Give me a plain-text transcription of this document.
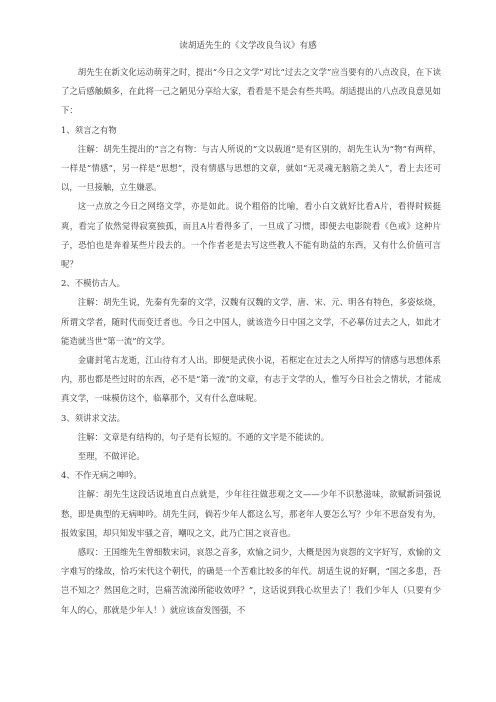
读胡适先生的《文学改良刍议》有感

胡先生在新文化运动萌芽之时，提出“今日之文学”对比“过去之文学”应当要有的八点改良，在下读了之后感触颇多，在此将一己之陋见分享给大家，看看是不是会有些共鸣。胡适提出的八点改良意见如下：

1、须言之有物

注解：胡先生提出的“言之有物：与古人所说的“文以载道”是有区别的，胡先生认为“物”有两样，一样是“情感”，另一样是“思想”，没有情感与思想的文章，就如“无灵魂无脑筋之美人”，看上去还可以，一旦接触，立生嫌恶。

这一点放之今日之网络文学，亦是如此。说个粗俗的比喻，看小白文就好比看A片，看得时候挺爽，看完了依然觉得寂寞独孤，而且A片看得多了，一旦成了习惯，即便去电影院看《色戒》这种片子，恐怕也是奔着某些片段去的。一个作者老是去写这些教人不能有助益的东西，又有什么价值可言呢？

2、不模仿古人。

注解：胡先生说，先秦有先秦的文学，汉魏有汉魏的文学，唐、宋、元、明各有特色，多姿炫烧，所谓文学者，随时代而变迁者也。今日之中国人，就该造今日中国之文学，不必摹仿过去之人，如此才能造就当世“第一流”的文学。

金庸封笔古龙逝，江山待有才人出。即便是武侠小说，若框定在过去之人所捍写的情感与思想体系内，那也都是些过时的东西，必不是“第一流”的文章，有志于文学的人，惟写今日社会之情状，才能成真文学，一味模仿这个，临摹那个，又有什么意味呢。

3、须讲求文法。

注解：文章是有结构的，句子是有长短的。不通的文字是不能读的。

至理，不做评论。

4、不作无病之呻吟。

注解：胡先生这段话说地直白点就是，少年往往做悲观之文——少年不识愁滋味，欲赋新词强说愁，即是典型的无病呻吟。胡先生问，倘若少年人都这么写，那老年人要怎么写？少年不思奋发有为，报效家国，却只知发牢骚之音，嘲叹之文，此乃亡国之哀音也。

感叹：王国维先生曾细数宋词，哀怨之音多，欢愉之词少，大概是因为哀怨的文字好写，欢愉的文字难写的缘故，恰巧宋代这个朝代，的确是一个苦难比较多的年代。胡适生说的好啊，“国之多患，吾岂不知之？然国危之时，岂痛苦流涕所能收效呼？”，这话说到我心坎里去了！我们少年人（只要有少年人的心，那就是少年人！）就应该奋发图强，不
